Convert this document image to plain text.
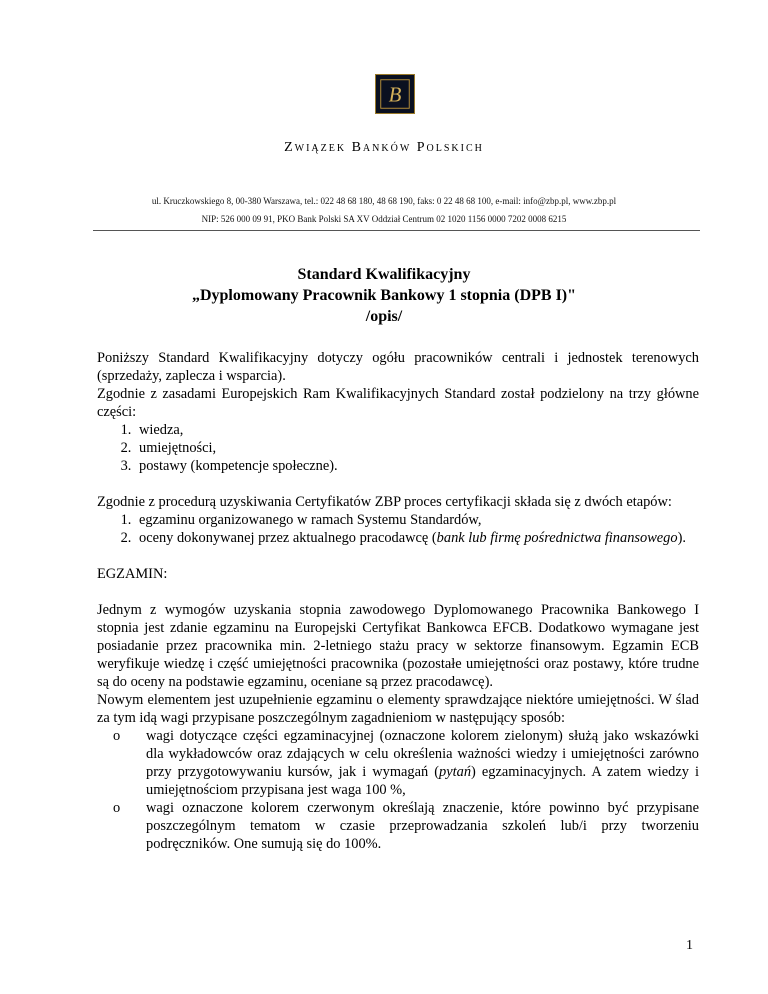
B
Związek Banków Polskich
ul. Kruczkowskiego 8, 00-380 Warszawa, tel.: 022 48 68 180, 48 68 190, faks: 0 22 48 68 100, e-mail: info@zbp.pl, www.zbp.pl
NIP: 526 000 09 91, PKO Bank Polski SA XV Oddział Centrum 02 1020 1156 0000 7202 0008 6215
Standard Kwalifikacyjny
„Dyplomowany Pracownik Bankowy 1 stopnia (DPB I)"
/opis/

Poniższy Standard Kwalifikacyjny dotyczy ogółu pracowników centrali i jednostek terenowych (sprzedaży, zaplecza i wsparcia).

Zgodnie z zasadami Europejskich Ram Kwalifikacyjnych Standard został podzielony na trzy główne części:

1. wiedza,
2. umiejętności,
3. postawy (kompetencje społeczne).

Zgodnie z procedurą uzyskiwania Certyfikatów ZBP proces certyfikacji składa się z dwóch etapów:

1. egzaminu organizowanego w ramach Systemu Standardów,
2. oceny dokonywanej przez aktualnego pracodawcę (bank lub firmę pośrednictwa finansowego).

EGZAMIN:

Jednym z wymogów uzyskania stopnia zawodowego Dyplomowanego Pracownika Bankowego I stopnia jest zdanie egzaminu na Europejski Certyfikat Bankowca EFCB. Dodatkowo wymagane jest posiadanie przez pracownika min. 2-letniego stażu pracy w sektorze finansowym. Egzamin ECB weryfikuje wiedzę i część umiejętności pracownika (pozostałe umiejętności oraz postawy, które trudne są do oceny na podstawie egzaminu, oceniane są przez pracodawcę).

Nowym elementem jest uzupełnienie egzaminu o elementy sprawdzające niektóre umiejętności. W ślad za tym idą wagi przypisane poszczególnym zagadnieniom w następujący sposób:

o wagi dotyczące części egzaminacyjnej (oznaczone kolorem zielonym) służą jako wskazówki dla wykładowców oraz zdających w celu określenia ważności wiedzy i umiejętności zarówno przy przygotowywaniu kursów, jak i wymagań (pytań) egzaminacyjnych. A zatem wiedzy i umiejętnościom przypisana jest waga 100 %,
o wagi oznaczone kolorem czerwonym określają znaczenie, które powinno być przypisane poszczególnym tematom w czasie przeprowadzania szkoleń lub/i przy tworzeniu podręczników. One sumują się do 100%.
1
